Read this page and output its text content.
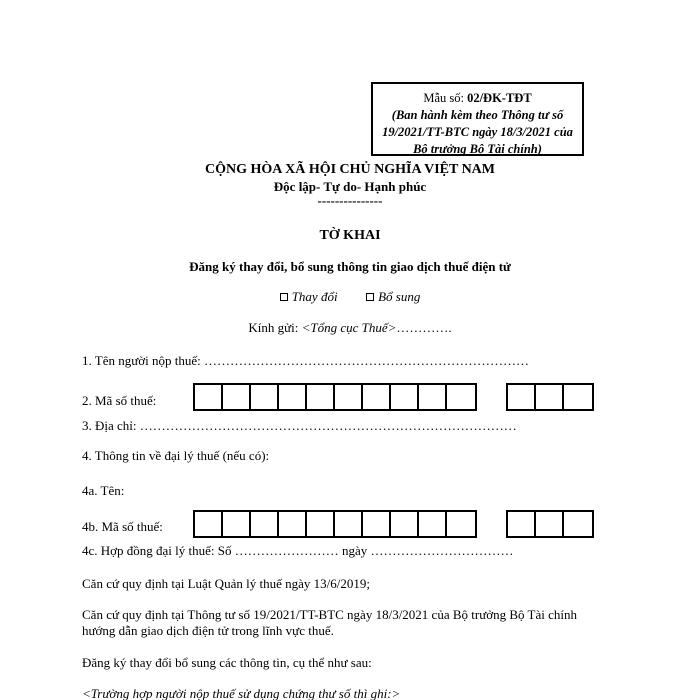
Mẫu số: 02/ĐK-TĐT
(Ban hành kèm theo Thông tư số
19/2021/TT-BTC ngày 18/3/2021 của
Bộ trưởng Bộ Tài chính)
CỘNG HÒA XÃ HỘI CHỦ NGHĨA VIỆT NAM
Độc lập- Tự do- Hạnh phúc
---------------
TỜ KHAI
Đăng ký thay đổi, bổ sung thông tin giao dịch thuế điện tử
Thay đổi	Bổ sung
Kính gửi: <Tổng cục Thuế>………….
1. Tên người nộp thuế: …………………………………………………………………
2. Mã số thuế:
3. Địa chỉ: ……………………………………………………………………………
4. Thông tin về đại lý thuế (nếu có):
4a. Tên:
4b. Mã số thuế:
4c. Hợp đồng đại lý thuế: Số …………………… ngày ……………………………
Căn cứ quy định tại Luật Quản lý thuế ngày 13/6/2019;
Căn cứ quy định tại Thông tư số 19/2021/TT-BTC ngày 18/3/2021 của Bộ trưởng Bộ Tài chính
hướng dẫn giao dịch điện tử trong lĩnh vực thuế.
Đăng ký thay đổi bổ sung các thông tin, cụ thể như sau:
<Trường hợp người nộp thuế sử dụng chứng thư số thì ghi:>
